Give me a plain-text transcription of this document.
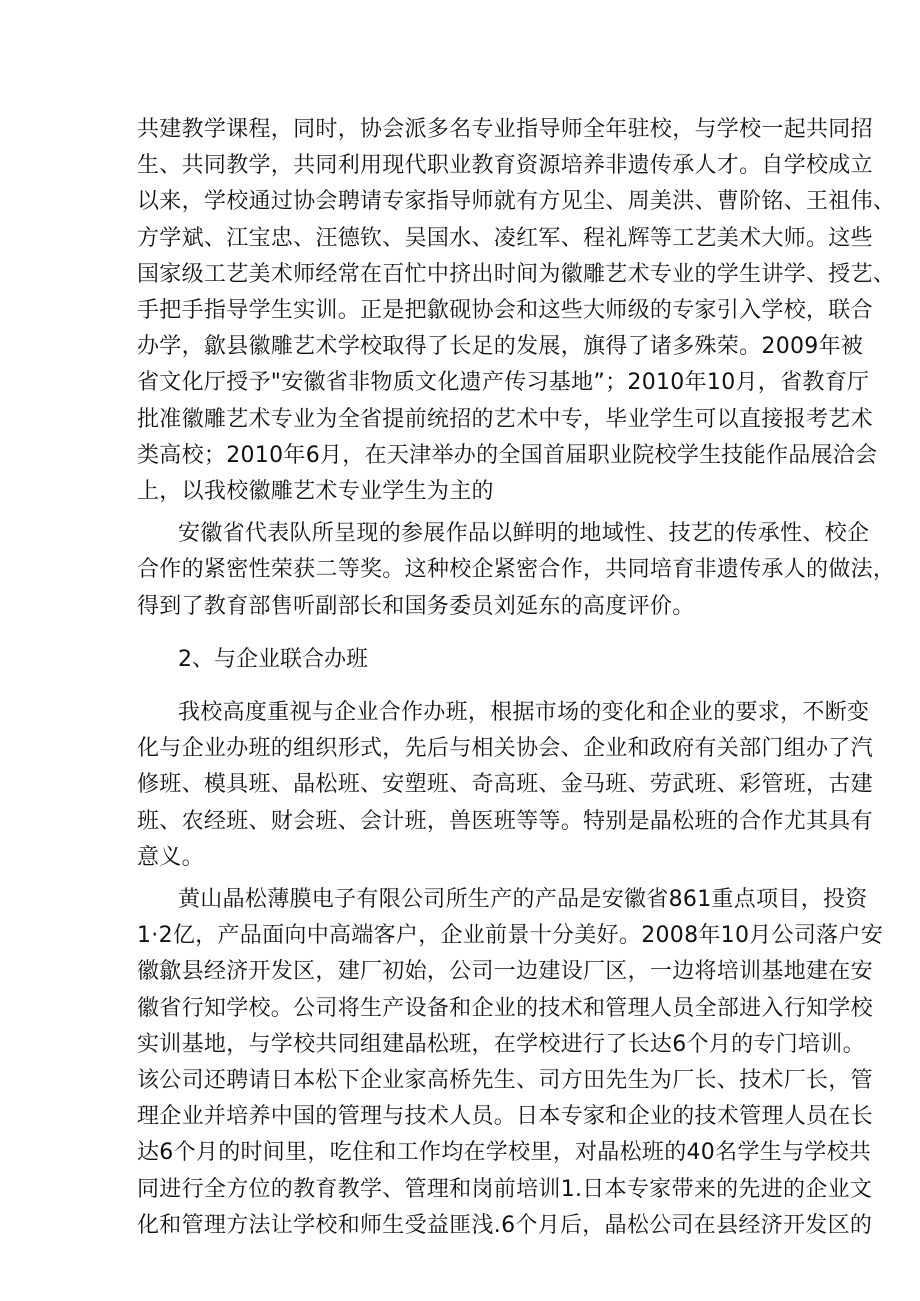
共建教学课程，同时，协会派多名专业指导师全年驻校，与学校一起共同招
生、共同教学，共同利用现代职业教育资源培养非遗传承人才。自学校成立
以来，学校通过协会聘请专家指导师就有方见尘、周美洪、曹阶铭、王祖伟、
方学斌、江宝忠、汪德钦、吴国水、凌红军、程礼辉等工艺美术大师。这些
国家级工艺美术师经常在百忙中挤出时间为徽雕艺术专业的学生讲学、授艺、
手把手指导学生实训。正是把歙砚协会和这些大师级的专家引入学校，联合
办学，歙县徽雕艺术学校取得了长足的发展，旗得了诸多殊荣。2009年被
省文化厅授予"安徽省非物质文化遗产传习基地”；2010年10月，省教育厅
批准徽雕艺术专业为全省提前统招的艺术中专，毕业学生可以直接报考艺术
类高校；2010年6月，在天津举办的全国首届职业院校学生技能作品展洽会
上，以我校徽雕艺术专业学生为主的
安徽省代表队所呈现的参展作品以鲜明的地域性、技艺的传承性、校企
合作的紧密性荣获二等奖。这种校企紧密合作，共同培育非遗传承人的做法，
得到了教育部售听副部长和国务委员刘延东的高度评价。
2、与企业联合办班
我校高度重视与企业合作办班，根据市场的变化和企业的要求，不断变
化与企业办班的组织形式，先后与相关协会、企业和政府有关部门组办了汽
修班、模具班、晶松班、安塑班、奇高班、金马班、劳武班、彩管班，古建
班、农经班、财会班、会计班，兽医班等等。特别是晶松班的合作尤其具有
意义。
黄山晶松薄膜电子有限公司所生产的产品是安徽省861重点项目，投资
1·2亿，产品面向中高端客户，企业前景十分美好。2008年10月公司落户安
徽歙县经济开发区，建厂初始，公司一边建设厂区，一边将培训基地建在安
徽省行知学校。公司将生产设备和企业的技术和管理人员全部进入行知学校
实训基地，与学校共同组建晶松班，在学校进行了长达6个月的专门培训。
该公司还聘请日本松下企业家高桥先生、司方田先生为厂长、技术厂长，管
理企业并培养中国的管理与技术人员。日本专家和企业的技术管理人员在长
达6个月的时间里，吃住和工作均在学校里，对晶松班的40名学生与学校共
同进行全方位的教育教学、管理和岗前培训1.日本专家带来的先进的企业文
化和管理方法让学校和师生受益匪浅.6个月后，晶松公司在县经济开发区的
